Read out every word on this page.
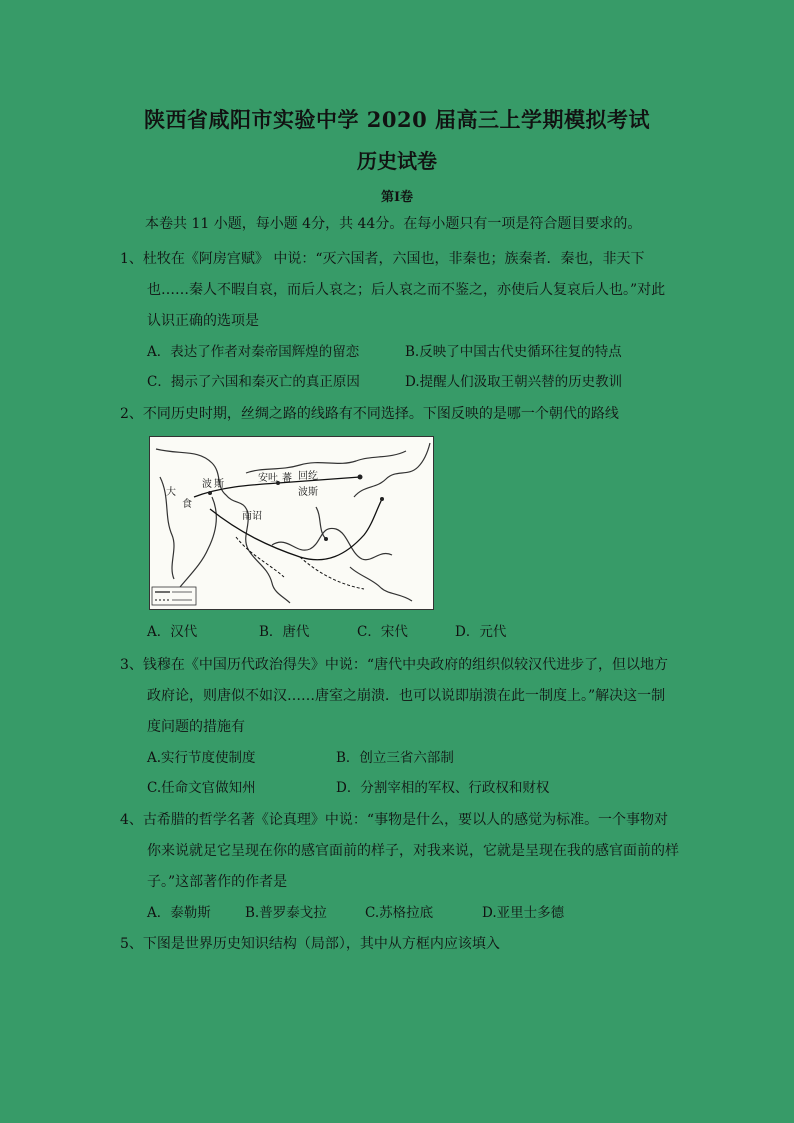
陕西省咸阳市实验中学 2020 届高三上学期模拟考试
历史试卷
第Ⅰ卷
本卷共 11 小题，每小题 4分，共 44分。在每小题只有一项是符合题目要求的。
1、杜牧在《阿房宫赋》 中说：“灭六国者，六国也，非秦也；族秦者．秦也，非天下
也……秦人不暇自哀，而后人哀之；后人哀之而不鉴之，亦使后人复哀后人也。”对此
认识正确的选项是
A．表达了作者对秦帝国辉煌的留恋	B.反映了中国古代史循环往复的特点
C．揭示了六国和秦灭亡的真正原因	D.提醒人们汲取王朝兴替的历史教训
2、不同历史时期，丝绸之路的线路有不同选择。下图反映的是哪一个朝代的路线
大
食
波 斯
安 吐 蕃 回纥
波斯
南诏
A．汉代	B．唐代	C．宋代	D．元代
3、钱穆在《中国历代政治得失》中说：“唐代中央政府的组织似较汉代进步了，但以地方
政府论，则唐似不如汉……唐室之崩溃．也可以说即崩溃在此一制度上。”解决这一制
度问题的措施有
A.实行节度使制度	B．创立三省六部制
C.任命文官做知州	D．分割宰相的军权、行政权和财权
4、古希腊的哲学名著《论真理》中说：“事物是什么，要以人的感觉为标准。一个事物对
你来说就足它呈现在你的感官面前的样子，对我来说，它就是呈现在我的感官面前的样
子。”这部著作的作者是
A．泰勒斯	B.普罗泰戈拉	C.苏格拉底	D.亚里士多德
5、下图是世界历史知识结构（局部），其中从方框内应该填入
